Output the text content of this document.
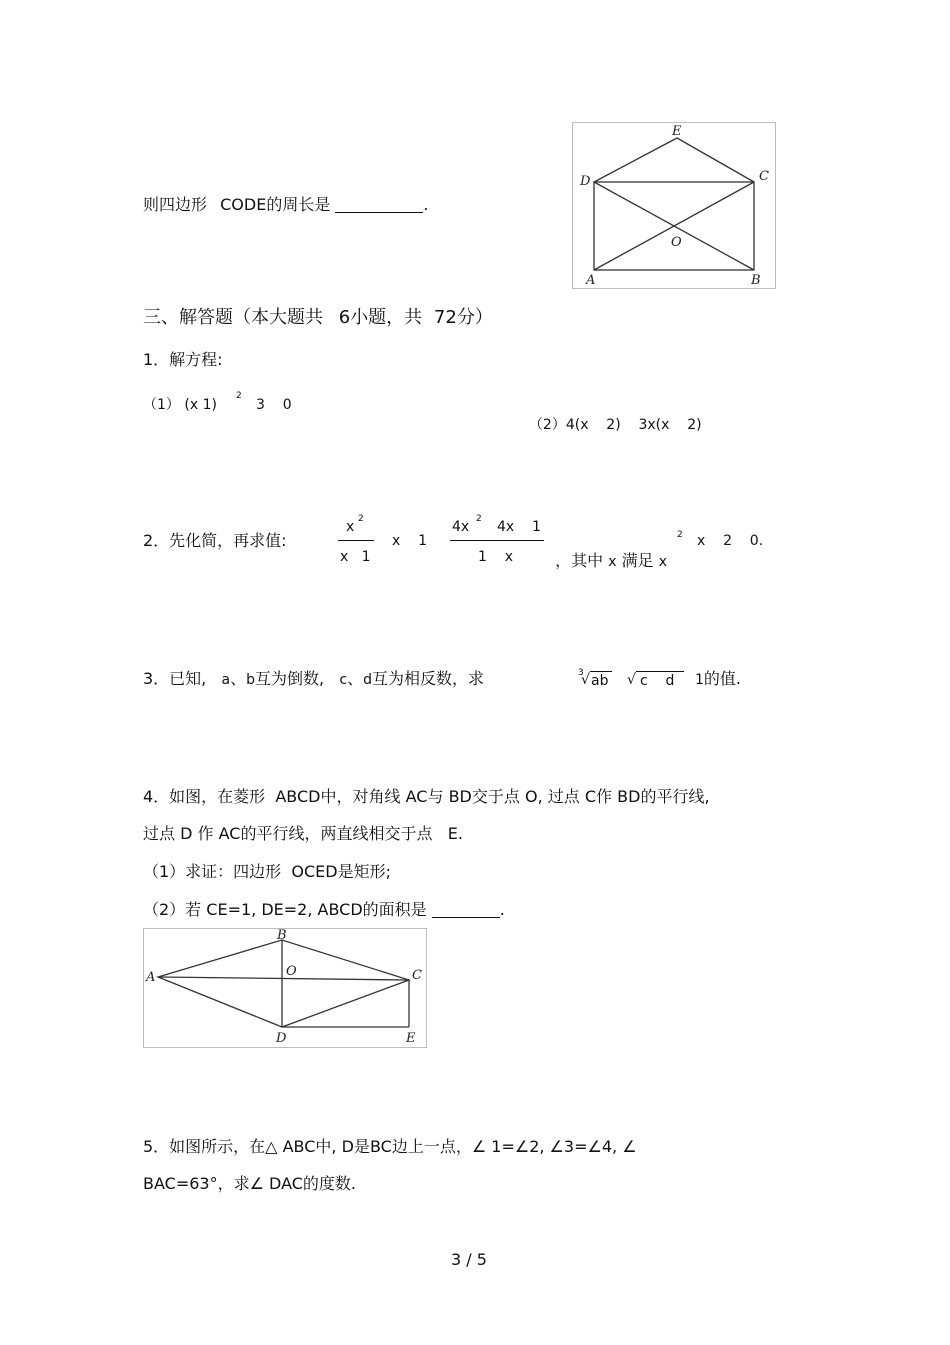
则四边形 CODE的周长是	.
E
D	C
O
A	B
三、解答题（本大题共 6小题，共 72分）
1．解方程:
（1） (x 1)
2
3    0

（2）4(x    2)    3x(x    2)

2．先化简，再求值:
x 2
x   1
x    1
4x 2 4x    1
1    x	，其中 x 满足 x

2 x    2    0.
3．已知, a、b互为倒数, c、d互为相反数，求	3
√ ab √ c    d 1的值.
4．如图，在菱形 ABCD中，对角线 AC与 BD交于点 O, 过点 C作 BD的平行线,
过点 D 作 AC的平行线，两直线相交于点 E.
（1）求证：四边形 OCED是矩形;
（2）若 CE=1, DE=2, ABCD的面积是	.
A
B
C
D	E
O
5．如图所示，在△ ABC中, D是BC边上一点，∠ 1=∠2, ∠3=∠4, ∠
BAC=63°，求∠ DAC的度数.
3 / 5
